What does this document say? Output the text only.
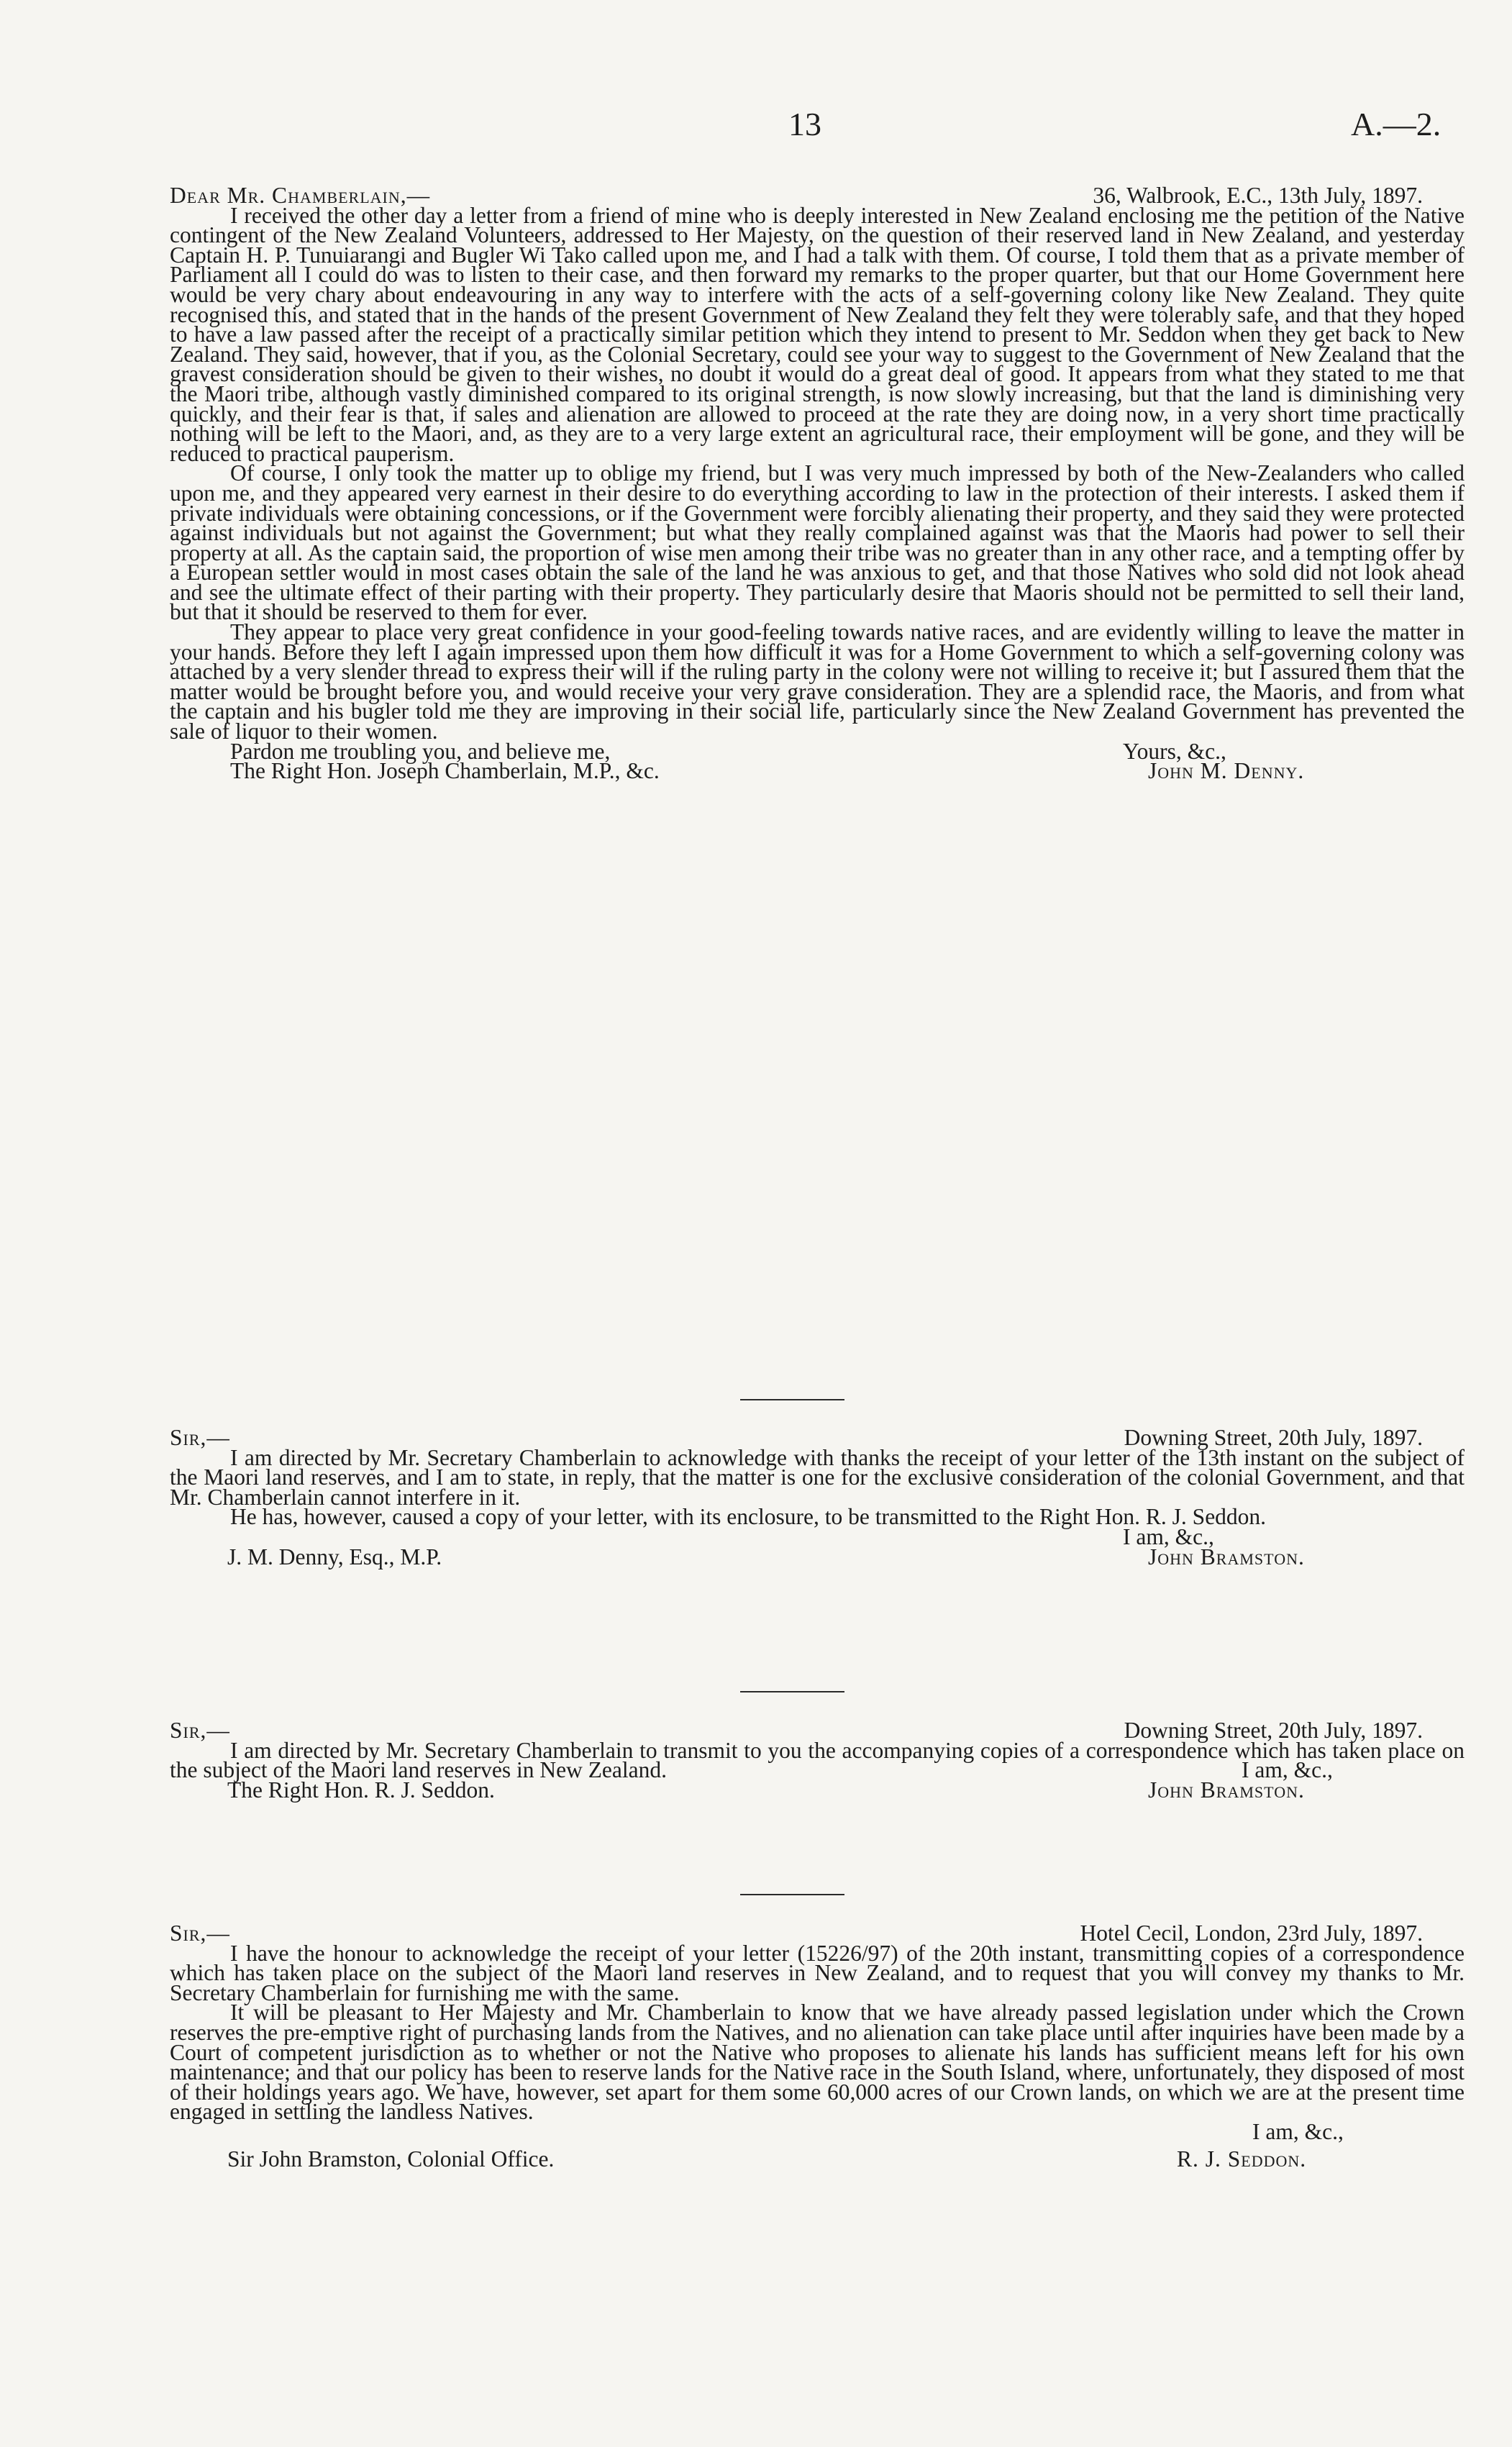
13	A.—2.
Dear Mr. Chamberlain,—	36, Walbrook, E.C., 13th July, 1897.

I received the other day a letter from a friend of mine who is deeply interested in New Zealand enclosing me the petition of the Native contingent of the New Zealand Volunteers, addressed to Her Majesty, on the question of their reserved land in New Zealand, and yesterday Captain H. P. Tunuiarangi and Bugler Wi Tako called upon me, and I had a talk with them. Of course, I told them that as a private member of Parliament all I could do was to listen to their case, and then forward my remarks to the proper quarter, but that our Home Government here would be very chary about endeavouring in any way to interfere with the acts of a self-governing colony like New Zealand. They quite recognised this, and stated that in the hands of the present Government of New Zealand they felt they were tolerably safe, and that they hoped to have a law passed after the receipt of a practically similar petition which they intend to present to Mr. Seddon when they get back to New Zealand. They said, however, that if you, as the Colonial Secretary, could see your way to suggest to the Government of New Zealand that the gravest consideration should be given to their wishes, no doubt it would do a great deal of good. It appears from what they stated to me that the Maori tribe, although vastly diminished compared to its original strength, is now slowly increasing, but that the land is diminishing very quickly, and their fear is that, if sales and alienation are allowed to proceed at the rate they are doing now, in a very short time practically nothing will be left to the Maori, and, as they are to a very large extent an agricultural race, their employment will be gone, and they will be reduced to practical pauperism.

Of course, I only took the matter up to oblige my friend, but I was very much impressed by both of the New-Zealanders who called upon me, and they appeared very earnest in their desire to do everything according to law in the protection of their interests. I asked them if private individuals were obtaining concessions, or if the Government were forcibly alienating their property, and they said they were protected against individuals but not against the Government; but what they really complained against was that the Maoris had power to sell their property at all. As the captain said, the proportion of wise men among their tribe was no greater than in any other race, and a tempting offer by a European settler would in most cases obtain the sale of the land he was anxious to get, and that those Natives who sold did not look ahead and see the ultimate effect of their parting with their property. They particularly desire that Maoris should not be permitted to sell their land, but that it should be reserved to them for ever.

They appear to place very great confidence in your good-feeling towards native races, and are evidently willing to leave the matter in your hands. Before they left I again impressed upon them how difficult it was for a Home Government to which a self-governing colony was attached by a very slender thread to express their will if the ruling party in the colony were not willing to receive it; but I assured them that the matter would be brought before you, and would receive your very grave consideration. They are a splendid race, the Maoris, and from what the captain and his bugler told me they are improving in their social life, particularly since the New Zealand Government has prevented the sale of liquor to their women.

Pardon me troubling you, and believe me,	Yours, &c.,
The Right Hon. Joseph Chamberlain, M.P., &c.	John M. Denny.
Sir,—	Downing Street, 20th July, 1897.

I am directed by Mr. Secretary Chamberlain to acknowledge with thanks the receipt of your letter of the 13th instant on the subject of the Maori land reserves, and I am to state, in reply, that the matter is one for the exclusive consideration of the colonial Government, and that Mr. Chamberlain cannot interfere in it.

He has, however, caused a copy of your letter, with its enclosure, to be transmitted to the Right Hon. R. J. Seddon.

I am, &c.,
J. M. Denny, Esq., M.P.	John Bramston.
Sir,—	Downing Street, 20th July, 1897.

I am directed by Mr. Secretary Chamberlain to transmit to you the accompanying copies of a correspondence which has taken place on the subject of the Maori land reserves in New Zealand.	I am, &c.,
The Right Hon. R. J. Seddon.	John Bramston.
Sir,—	Hotel Cecil, London, 23rd July, 1897.

I have the honour to acknowledge the receipt of your letter (15226/97) of the 20th instant, transmitting copies of a correspondence which has taken place on the subject of the Maori land reserves in New Zealand, and to request that you will convey my thanks to Mr. Secretary Chamberlain for furnishing me with the same.

It will be pleasant to Her Majesty and Mr. Chamberlain to know that we have already passed legislation under which the Crown reserves the pre-emptive right of purchasing lands from the Natives, and no alienation can take place until after inquiries have been made by a Court of competent jurisdiction as to whether or not the Native who proposes to alienate his lands has sufficient means left for his own maintenance; and that our policy has been to reserve lands for the Native race in the South Island, where, unfortunately, they disposed of most of their holdings years ago. We have, however, set apart for them some 60,000 acres of our Crown lands, on which we are at the present time engaged in settling the landless Natives.

I am, &c.,
Sir John Bramston, Colonial Office.	R. J. Seddon.
